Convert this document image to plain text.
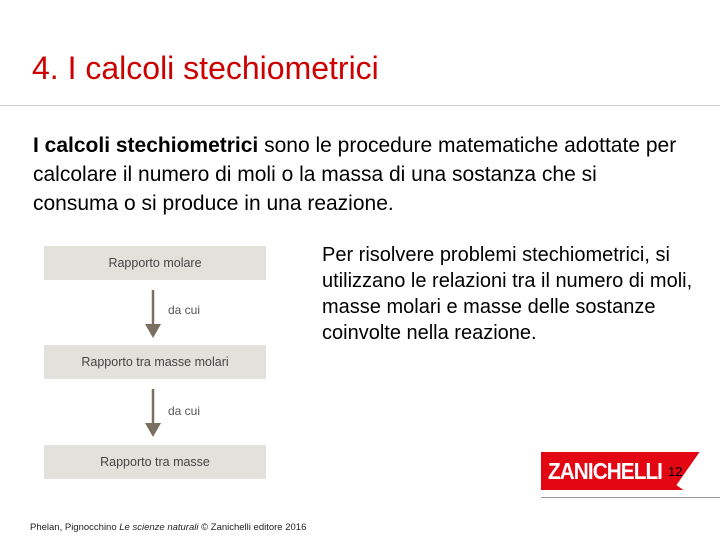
4. I calcoli stechiometrici
I calcoli stechiometrici sono le procedure matematiche adottate per calcolare il numero di moli o la massa di una sostanza che si consuma o si produce in una reazione.
Rapporto molare
da cui
Rapporto tra masse molari
da cui
Rapporto tra masse
Per risolvere problemi stechiometrici, si utilizzano le relazioni tra il numero di moli, masse molari e masse delle sostanze coinvolte nella reazione.
ZANICHELLI 12
Phelan, Pignocchino Le scienze naturali © Zanichelli editore 2016
